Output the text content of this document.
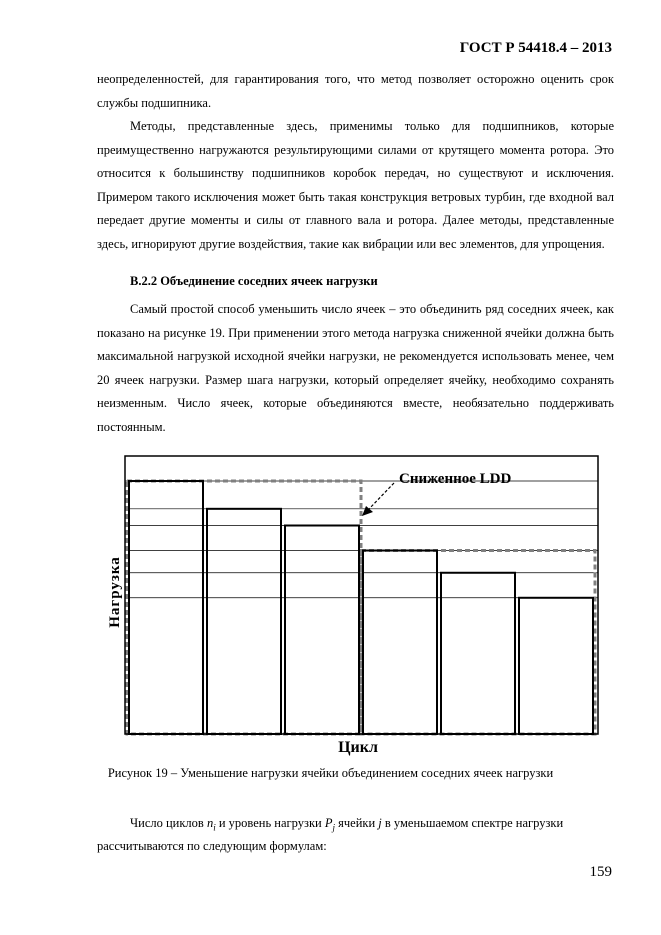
ГОСТ Р 54418.4 – 2013

неопределенностей, для гарантирования того, что метод позволяет осторожно оценить срок службы подшипника.

Методы, представленные здесь, применимы только для подшипников, которые преимущественно нагружаются результирующими силами от крутящего момента ротора. Это относится к большинству подшипников коробок передач, но существуют и исключения. Примером такого исключения может быть такая конструкция ветровых турбин, где входной вал передает другие моменты и силы от главного вала и ротора. Далее методы, представленные здесь, игнорируют другие воздействия, такие как вибрации или вес элементов, для упрощения.

B.2.2 Объединение соседних ячеек нагрузки

Самый простой способ уменьшить число ячеек – это объединить ряд соседних ячеек, как показано на рисунке 19. При применении этого метода нагрузка сниженной ячейки должна быть максимальной нагрузкой исходной ячейки нагрузки, не рекомендуется использовать менее, чем 20 ячеек нагрузки. Размер шага нагрузки, который определяет ячейку, необходимо сохранять неизменным. Число ячеек, которые объединяются вместе, необязательно поддерживать постоянным.

Сниженное LDD
Нагрузка
Цикл
Рисунок 19 – Уменьшение нагрузки ячейки объединением соседних ячеек нагрузки
Число циклов $n_i$ и уровень нагрузки $P_j$ ячейки j в уменьшаемом спектре нагрузки
рассчитываются по следующим формулам:
159
